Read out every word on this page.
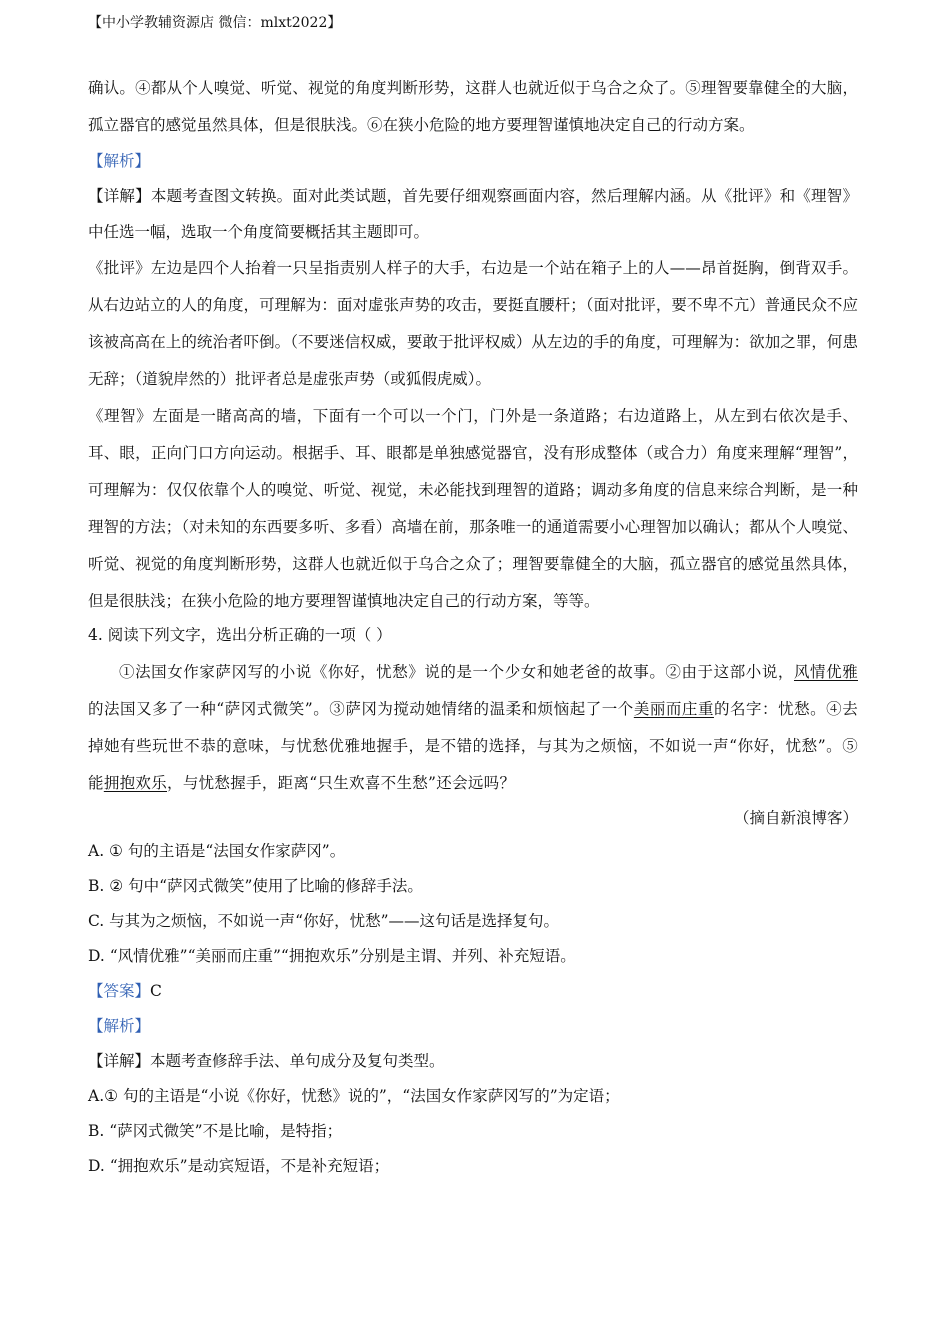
【中小学教辅资源店 微信：mlxt2022】

确认。④都从个人嗅觉、听觉、视觉的角度判断形势，这群人也就近似于乌合之众了。⑤理智要靠健全的大脑，孤立器官的感觉虽然具体，但是很肤浅。⑥在狭小危险的地方要理智谨慎地决定自己的行动方案。

【解析】

【详解】本题考查图文转换。面对此类试题，首先要仔细观察画面内容，然后理解内涵。从《批评》和《理智》中任选一幅，选取一个角度简要概括其主题即可。

《批评》左边是四个人抬着一只呈指责别人样子的大手，右边是一个站在箱子上的人——昂首挺胸，倒背双手。从右边站立的人的角度，可理解为：面对虚张声势的攻击，要挺直腰杆；（面对批评，要不卑不亢）普通民众不应该被高高在上的统治者吓倒。（不要迷信权威，要敢于批评权威）从左边的手的角度，可理解为：欲加之罪，何患无辞；（道貌岸然的）批评者总是虚张声势（或狐假虎威）。

《理智》左面是一睹高高的墙，下面有一个可以一个门，门外是一条道路；右边道路上，从左到右依次是手、耳、眼，正向门口方向运动。根据手、耳、眼都是单独感觉器官，没有形成整体（或合力）角度来理解“理智”，可理解为：仅仅依靠个人的嗅觉、听觉、视觉，未必能找到理智的道路；调动多角度的信息来综合判断，是一种理智的方法；（对未知的东西要多听、多看）高墙在前，那条唯一的通道需要小心理智加以确认；都从个人嗅觉、听觉、视觉的角度判断形势，这群人也就近似于乌合之众了；理智要靠健全的大脑，孤立器官的感觉虽然具体，但是很肤浅；在狭小危险的地方要理智谨慎地决定自己的行动方案，等等。

4. 阅读下列文字，选出分析正确的一项（ ）

①法国女作家萨冈写的小说《你好，忧愁》说的是一个少女和她老爸的故事。②由于这部小说，风情优雅的法国又多了一种“萨冈式微笑”。③萨冈为搅动她情绪的温柔和烦恼起了一个美丽而庄重的名字：忧愁。④去掉她有些玩世不恭的意味，与忧愁优雅地握手，是不错的选择，与其为之烦恼，不如说一声“你好，忧愁”。⑤能拥抱欢乐，与忧愁握手，距离“只生欢喜不生愁”还会远吗？

（摘自新浪博客）

A. ① 句的主语是“法国女作家萨冈”。

B. ② 句中“萨冈式微笑”使用了比喻的修辞手法。

C. 与其为之烦恼，不如说一声“你好，忧愁”——这句话是选择复句。

D. “风情优雅”“美丽而庄重”“拥抱欢乐”分别是主谓、并列、补充短语。

【答案】C

【解析】

【详解】本题考查修辞手法、单句成分及复句类型。

A.① 句的主语是“小说《你好，忧愁》说的”，“法国女作家萨冈写的”为定语；

B. “萨冈式微笑”不是比喻，是特指；

D. “拥抱欢乐”是动宾短语，不是补充短语；
